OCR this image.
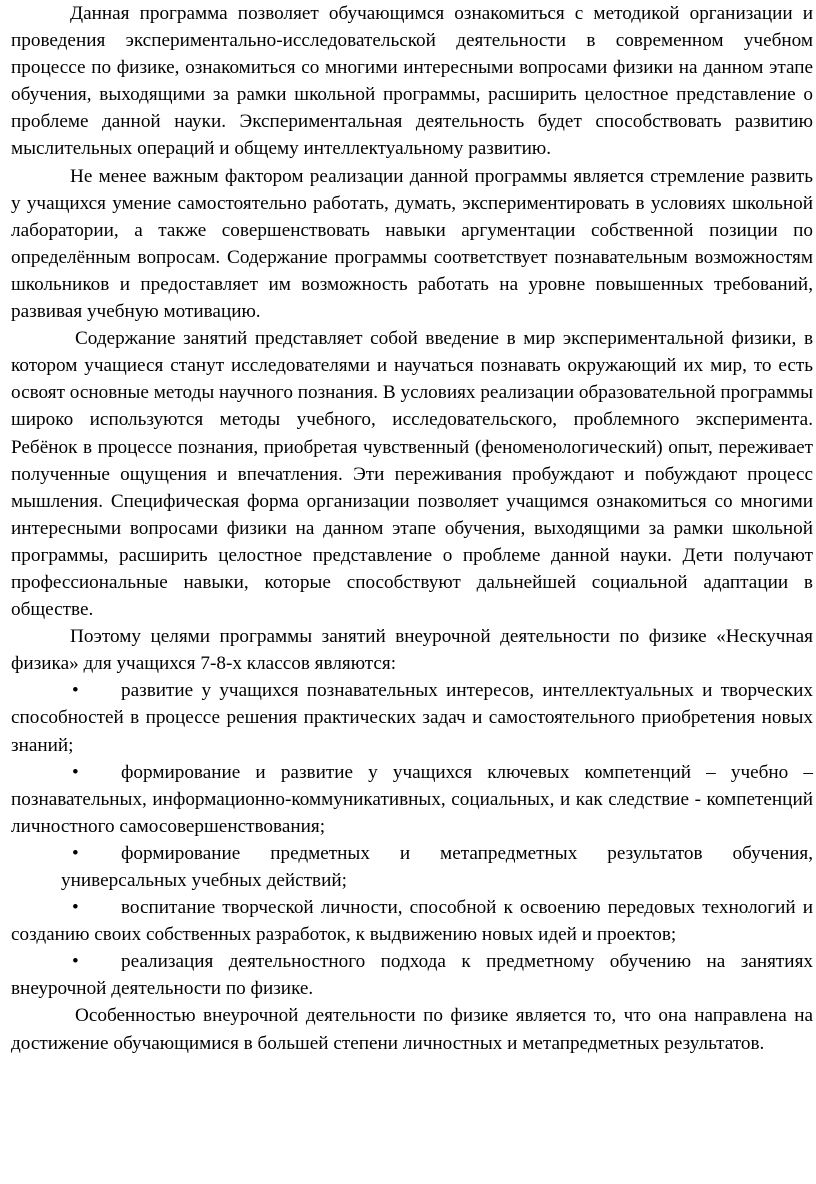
Данная программа позволяет обучающимся ознакомиться с методикой организации и проведения экспериментально-исследовательской деятельности в современном учебном процессе по физике, ознакомиться со многими интересными вопросами физики на данном этапе обучения, выходящими за рамки школьной программы, расширить целостное представление о проблеме данной науки. Экспериментальная деятельность будет способствовать развитию мыслительных операций и общему интеллектуальному развитию.

Не менее важным фактором реализации данной программы является стремление развить у учащихся умение самостоятельно работать, думать, экспериментировать в условиях школьной лаборатории, а также совершенствовать навыки аргументации собственной позиции по определённым вопросам. Содержание программы соответствует познавательным возможностям школьников и предоставляет им возможность работать на уровне повышенных требований, развивая учебную мотивацию.

Содержание занятий представляет собой введение в мир экспериментальной физики, в котором учащиеся станут исследователями и научаться познавать окружающий их мир, то есть освоят основные методы научного познания. В условиях реализации образовательной программы широко используются методы учебного, исследовательского, проблемного эксперимента. Ребёнок в процессе познания, приобретая чувственный (феноменологический) опыт, переживает полученные ощущения и впечатления. Эти переживания пробуждают и побуждают процесс мышления. Специфическая форма организации позволяет учащимся ознакомиться со многими интересными вопросами физики на данном этапе обучения, выходящими за рамки школьной программы, расширить целостное представление о проблеме данной науки. Дети получают профессиональные навыки, которые способствуют дальнейшей социальной адаптации в обществе.

Поэтому целями программы занятий внеурочной деятельности по физике «Нескучная физика» для учащихся 7-8-х классов являются:

• развитие у учащихся познавательных интересов, интеллектуальных и творческих способностей в процессе решения практических задач и самостоятельного приобретения новых знаний;

• формирование и развитие у учащихся ключевых компетенций – учебно – познавательных, информационно-коммуникативных, социальных, и как следствие - компетенций личностного самосовершенствования;

• формирование предметных и метапредметных результатов обучения, универсальных учебных действий;

• воспитание творческой личности, способной к освоению передовых технологий и созданию своих собственных разработок, к выдвижению новых идей и проектов;

• реализация деятельностного подхода к предметному обучению на занятиях внеурочной деятельности по физике.

Особенностью внеурочной деятельности по физике является то, что она направлена на достижение обучающимися в большей степени личностных и метапредметных результатов.
